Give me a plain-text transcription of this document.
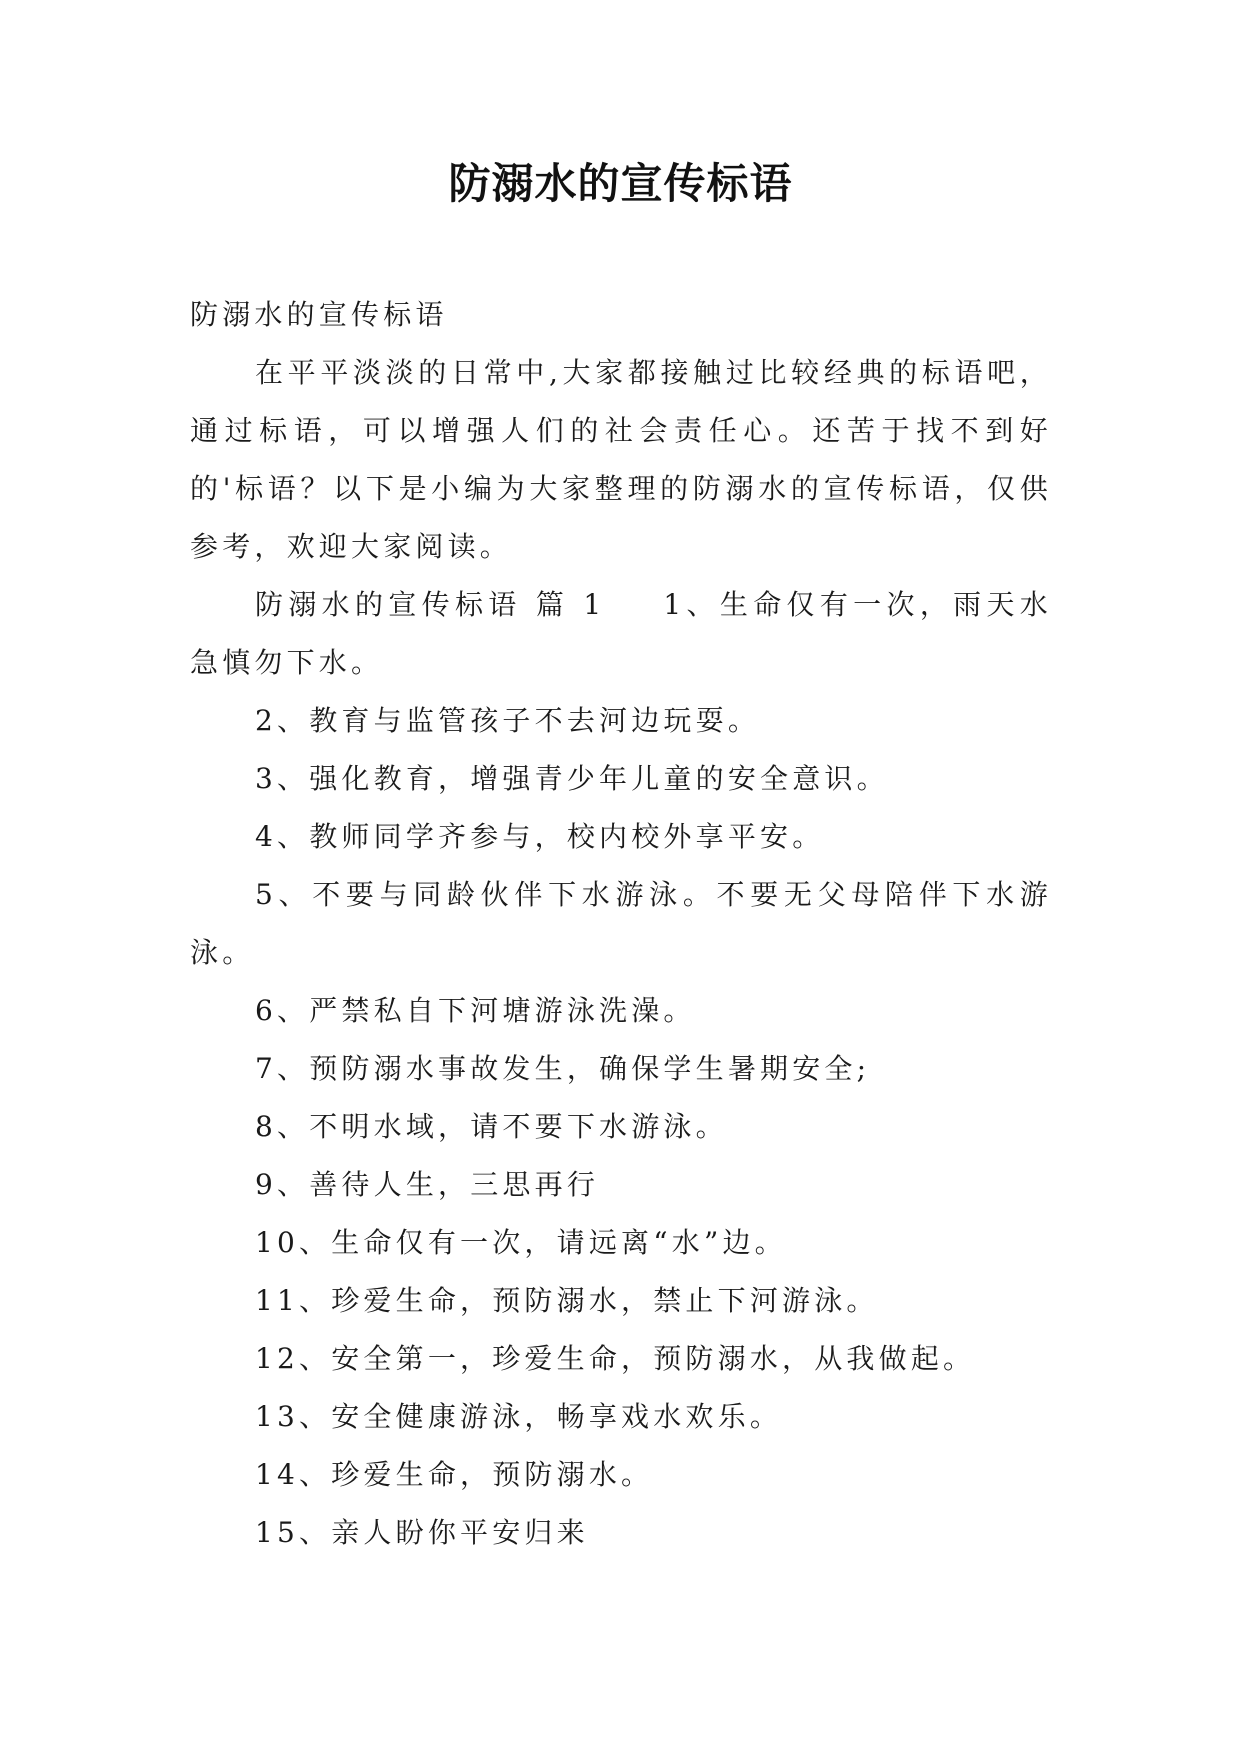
防溺水的宣传标语

防溺水的宣传标语

在平平淡淡的日常中,大家都接触过比较经典的标语吧，通过标语，可以增强人们的社会责任心。还苦于找不到好的'标语？以下是小编为大家整理的防溺水的宣传标语，仅供参考，欢迎大家阅读。

防溺水的宣传标语 篇 1 1、生命仅有一次，雨天水急慎勿下水。

2、教育与监管孩子不去河边玩耍。

3、强化教育，增强青少年儿童的安全意识。

4、教师同学齐参与，校内校外享平安。

5、不要与同龄伙伴下水游泳。不要无父母陪伴下水游泳。

6、严禁私自下河塘游泳洗澡。

7、预防溺水事故发生，确保学生暑期安全;

8、不明水域，请不要下水游泳。

9、善待人生，三思再行

10、生命仅有一次，请远离“水”边。

11、珍爱生命，预防溺水，禁止下河游泳。

12、安全第一，珍爱生命，预防溺水，从我做起。

13、安全健康游泳，畅享戏水欢乐。

14、珍爱生命，预防溺水。

15、亲人盼你平安归来
